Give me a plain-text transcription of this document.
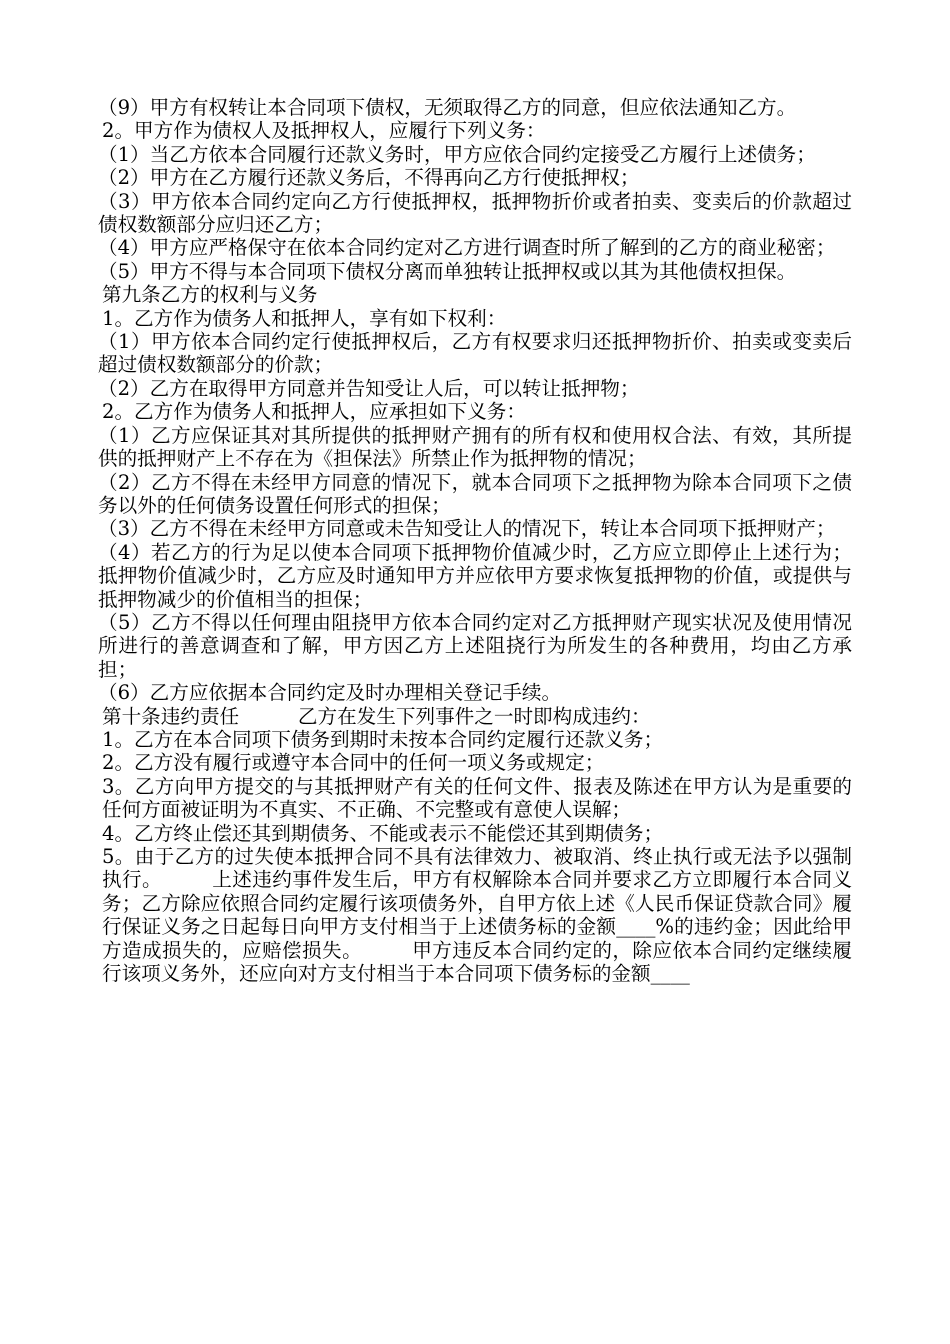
（9）甲方有权转让本合同项下债权，无须取得乙方的同意，但应依法通知乙方。

2。甲方作为债权人及抵押权人，应履行下列义务：

（1）当乙方依本合同履行还款义务时，甲方应依合同约定接受乙方履行上述债务；

（2）甲方在乙方履行还款义务后，不得再向乙方行使抵押权；

（3）甲方依本合同约定向乙方行使抵押权，抵押物折价或者拍卖、变卖后的价款超过债权数额部分应归还乙方；

（4）甲方应严格保守在依本合同约定对乙方进行调查时所了解到的乙方的商业秘密；

（5）甲方不得与本合同项下债权分离而单独转让抵押权或以其为其他债权担保。

第九条乙方的权利与义务

1。乙方作为债务人和抵押人，享有如下权利：

（1）甲方依本合同约定行使抵押权后，乙方有权要求归还抵押物折价、拍卖或变卖后超过债权数额部分的价款；

（2）乙方在取得甲方同意并告知受让人后，可以转让抵押物；

2。乙方作为债务人和抵押人，应承担如下义务：

（1）乙方应保证其对其所提供的抵押财产拥有的所有权和使用权合法、有效，其所提供的抵押财产上不存在为《担保法》所禁止作为抵押物的情况；

（2）乙方不得在未经甲方同意的情况下，就本合同项下之抵押物为除本合同项下之债务以外的任何债务设置任何形式的担保；

（3）乙方不得在未经甲方同意或未告知受让人的情况下，转让本合同项下抵押财产；

（4）若乙方的行为足以使本合同项下抵押物价值减少时，乙方应立即停止上述行为；抵押物价值减少时，乙方应及时通知甲方并应依甲方要求恢复抵押物的价值，或提供与抵押物减少的价值相当的担保；

（5）乙方不得以任何理由阻挠甲方依本合同约定对乙方抵押财产现实状况及使用情况所进行的善意调查和了解，甲方因乙方上述阻挠行为所发生的各种费用，均由乙方承担；

（6）乙方应依据本合同约定及时办理相关登记手续。

第十条违约责任　　　乙方在发生下列事件之一时即构成违约：

1。乙方在本合同项下债务到期时未按本合同约定履行还款义务；

2。乙方没有履行或遵守本合同中的任何一项义务或规定；

3。乙方向甲方提交的与其抵押财产有关的任何文件、报表及陈述在甲方认为是重要的任何方面被证明为不真实、不正确、不完整或有意使人误解；

4。乙方终止偿还其到期债务、不能或表示不能偿还其到期债务；

5。由于乙方的过失使本抵押合同不具有法律效力、被取消、终止执行或无法予以强制执行。　　　上述违约事件发生后，甲方有权解除本合同并要求乙方立即履行本合同义务；乙方除应依照合同约定履行该项债务外，自甲方依上述《人民币保证贷款合同》履行保证义务之日起每日向甲方支付相当于上述债务标的金额____%的违约金；因此给甲方造成损失的，应赔偿损失。　　　甲方违反本合同约定的，除应依本合同约定继续履行该项义务外，还应向对方支付相当于本合同项下债务标的金额____
